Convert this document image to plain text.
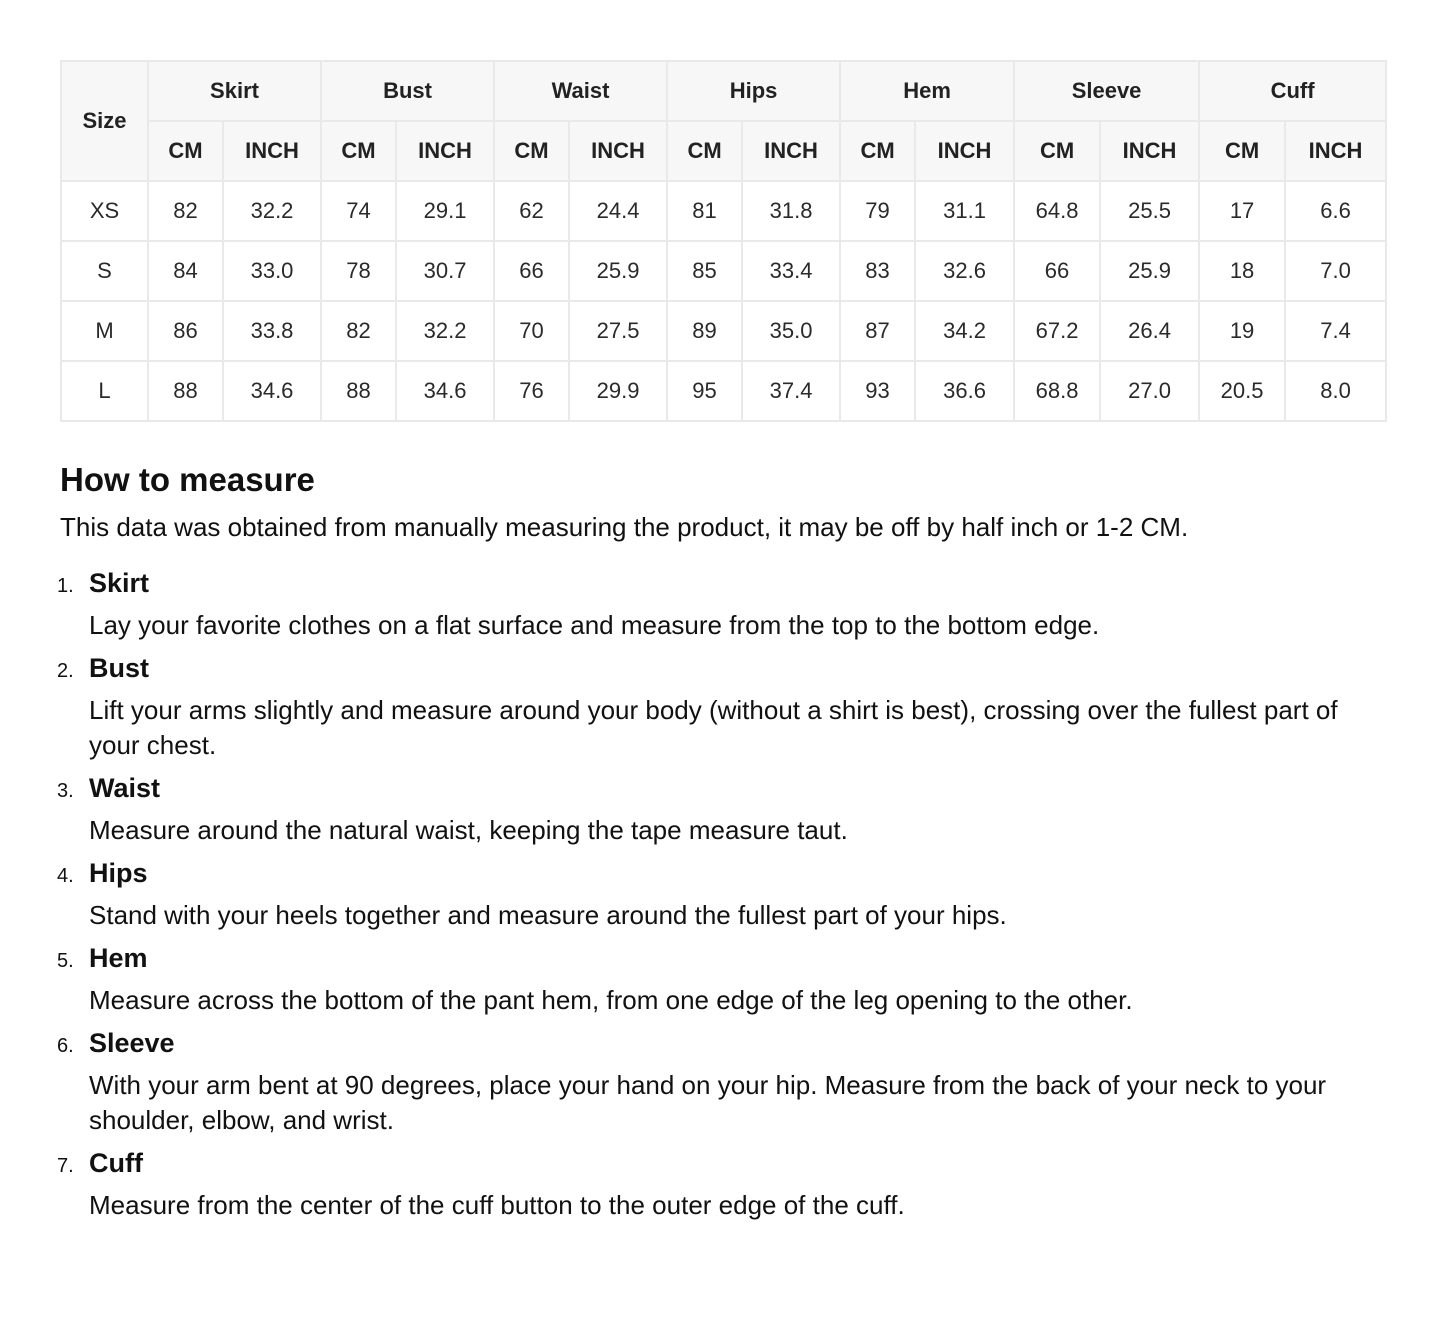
Size	Skirt		Bust		Waist		Hips		Hem		Sleeve		Cuff	
	CM	INCH	CM	INCH	CM	INCH	CM	INCH	CM	INCH	CM	INCH	CM	INCH
XS	82	32.2	74	29.1	62	24.4	81	31.8	79	31.1	64.8	25.5	17	6.6
S	84	33.0	78	30.7	66	25.9	85	33.4	83	32.6	66	25.9	18	7.0
M	86	33.8	82	32.2	70	27.5	89	35.0	87	34.2	67.2	26.4	19	7.4
L	88	34.6	88	34.6	76	29.9	95	37.4	93	36.6	68.8	27.0	20.5	8.0
How to measure

This data was obtained from manually measuring the product, it may be off by half inch or 1-2 CM.

1. Skirt
Lay your favorite clothes on a flat surface and measure from the top to the bottom edge.
2. Bust
Lift your arms slightly and measure around your body (without a shirt is best), crossing over the fullest part of your chest.
3. Waist
Measure around the natural waist, keeping the tape measure taut.
4. Hips
Stand with your heels together and measure around the fullest part of your hips.
5. Hem
Measure across the bottom of the pant hem, from one edge of the leg opening to the other.
6. Sleeve
With your arm bent at 90 degrees, place your hand on your hip. Measure from the back of your neck to your shoulder, elbow, and wrist.
7. Cuff
Measure from the center of the cuff button to the outer edge of the cuff.
